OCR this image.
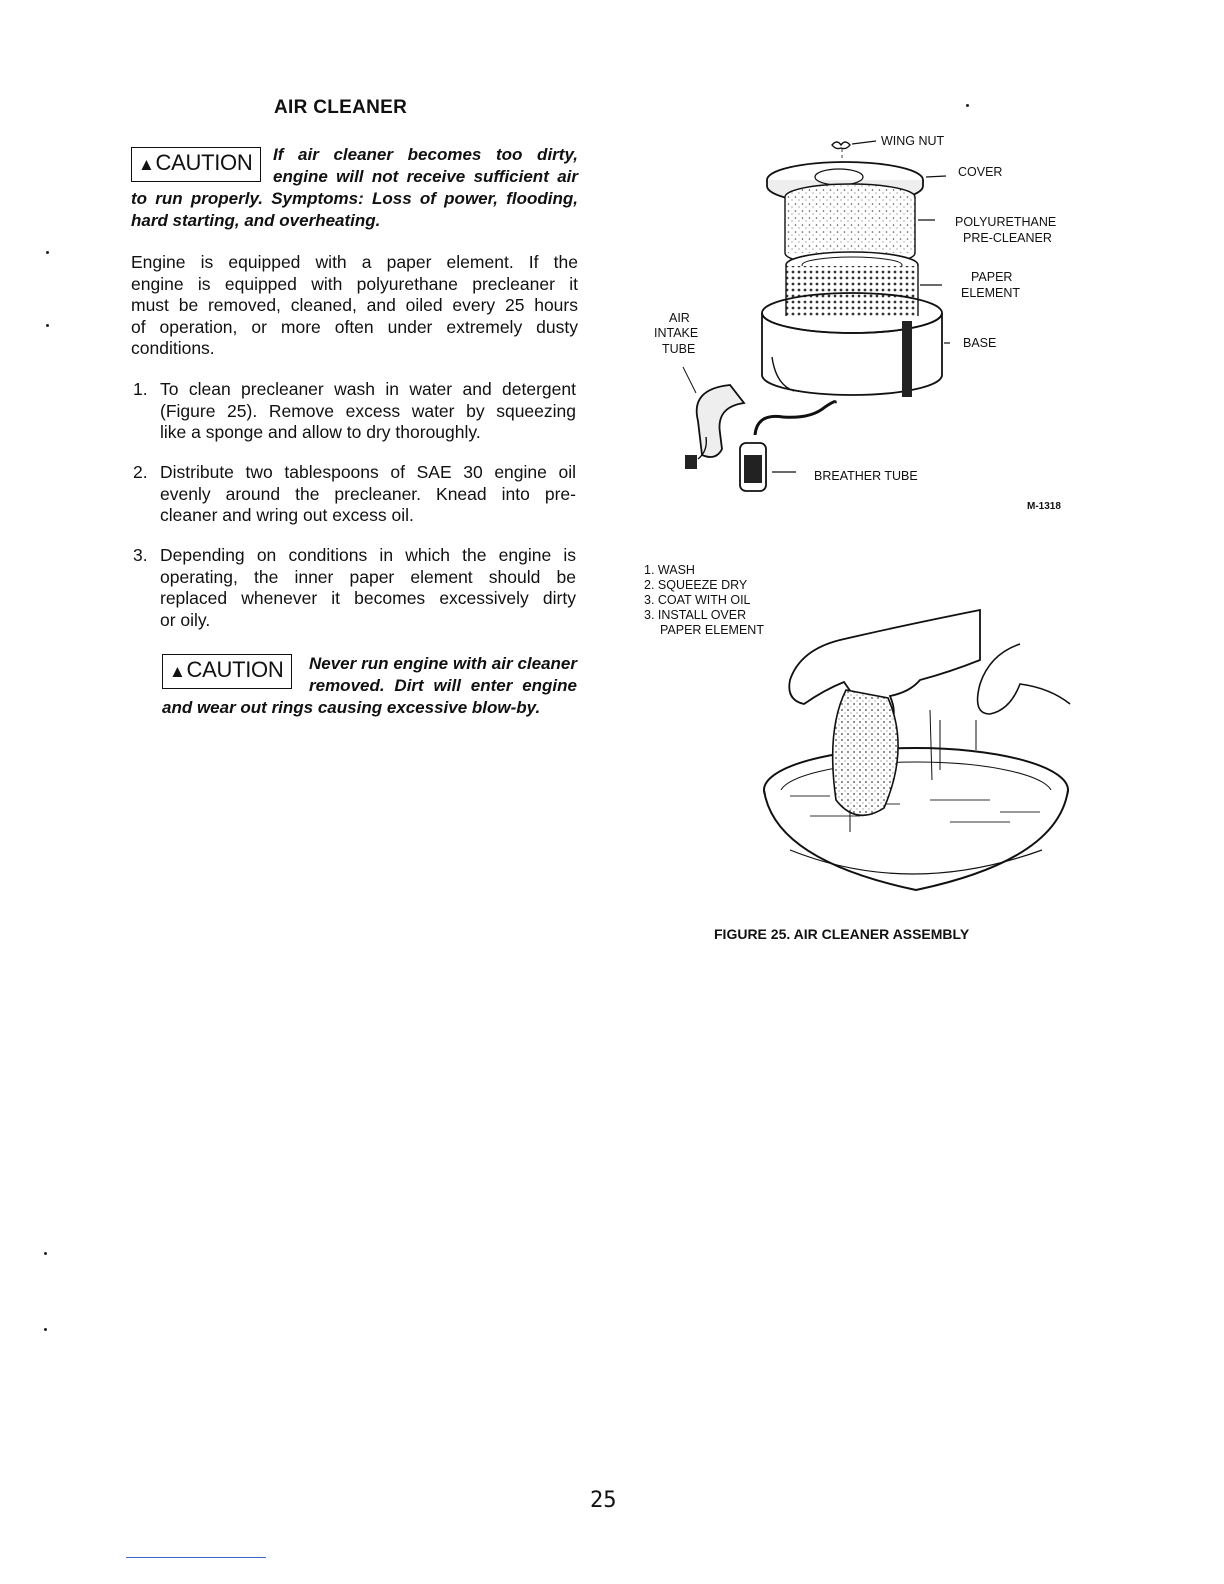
AIR CLEANER
▲CAUTION	If air cleaner becomes too dirty,
engine will not receive sufficient air
to run properly. Symptoms: Loss of power, flooding,
hard starting, and overheating.
Engine is equipped with a paper element. If the
engine is equipped with polyurethane precleaner it
must be removed, cleaned, and oiled every 25 hours
of operation, or more often under extremely dusty
conditions.
1. To clean precleaner wash in water and detergent
(Figure 25). Remove excess water by squeezing
like a sponge and allow to dry thoroughly.
2. Distribute two tablespoons of SAE 30 engine oil
evenly around the precleaner. Knead into pre-
cleaner and wring out excess oil.
3. Depending on conditions in which the engine is
operating, the inner paper element should be
replaced whenever it becomes excessively dirty
or oily.
▲CAUTION	Never run engine with air cleaner
removed. Dirt will enter engine
and wear out rings causing excessive blow-by.
WING NUT
COVER
POLYURETHANE
PRE-CLEANER
PAPER
ELEMENT
BASE
AIR
INTAKE
TUBE
BREATHER TUBE
M-1318
1. WASH
2. SQUEEZE DRY
3. COAT WITH OIL
3. INSTALL OVER
PAPER ELEMENT
FIGURE 25. AIR CLEANER ASSEMBLY
25
